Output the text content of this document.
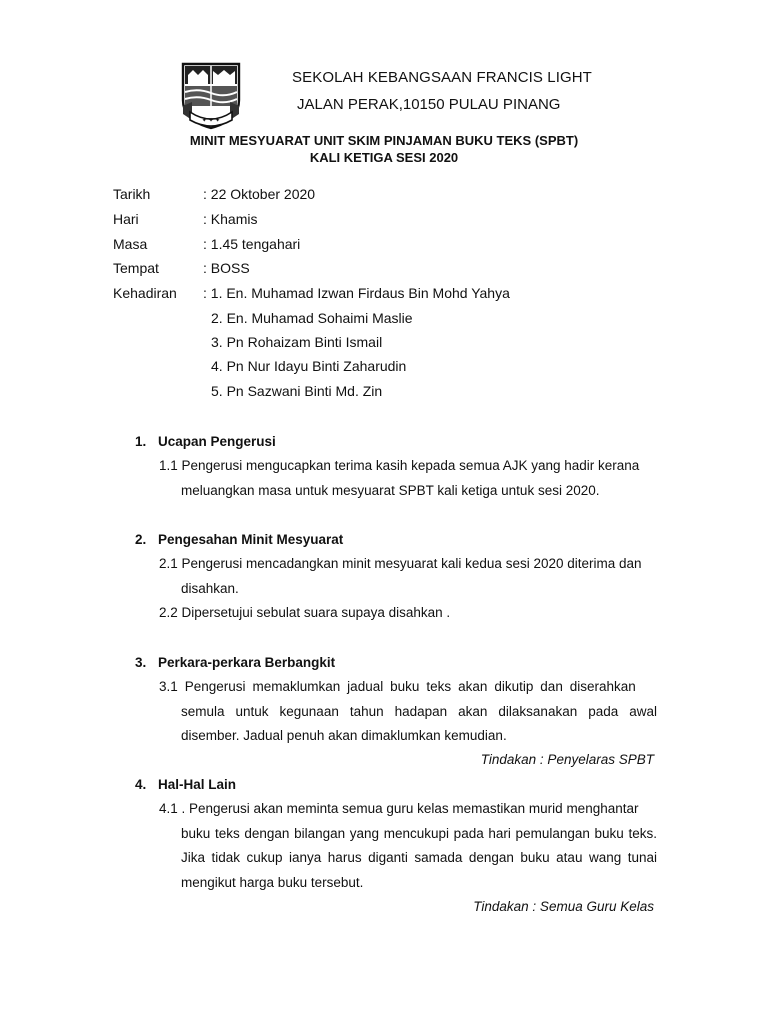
✦ ✦ ✦
SEKOLAH KEBANGSAAN FRANCIS LIGHT
JALAN PERAK,10150 PULAU PINANG
MINIT MESYUARAT UNIT SKIM PINJAMAN BUKU TEKS (SPBT)
KALI KETIGA SESI 2020
Tarikh	: 22 Oktober 2020
Hari	: Khamis
Masa	: 1.45 tengahari
Tempat	: BOSS
Kehadiran : 1. En. Muhamad Izwan Firdaus Bin Mohd Yahya
2. En. Muhamad Sohaimi Maslie
3. Pn Rohaizam Binti Ismail
4. Pn Nur Idayu Binti Zaharudin
5. Pn Sazwani Binti Md. Zin
1. Ucapan Pengerusi
1.1 Pengerusi mengucapkan terima kasih kepada semua AJK yang hadir kerana
meluangkan masa untuk mesyuarat SPBT kali ketiga untuk sesi 2020.
2. Pengesahan Minit Mesyuarat
2.1 Pengerusi mencadangkan minit mesyuarat kali kedua sesi 2020 diterima dan
disahkan.
2.2 Dipersetujui sebulat suara supaya disahkan .
3. Perkara-perkara Berbangkit
3.1 Pengerusi memaklumkan jadual buku teks akan dikutip dan diserahkan
semula untuk kegunaan tahun hadapan akan dilaksanakan pada awal disember. Jadual penuh akan dimaklumkan kemudian.
Tindakan : Penyelaras SPBT
4. Hal-Hal Lain
4.1 . Pengerusi akan meminta semua guru kelas memastikan murid menghantar
buku teks dengan bilangan yang mencukupi pada hari pemulangan buku teks. Jika tidak cukup ianya harus diganti samada dengan buku atau wang tunai mengikut harga buku tersebut.
Tindakan : Semua Guru Kelas
